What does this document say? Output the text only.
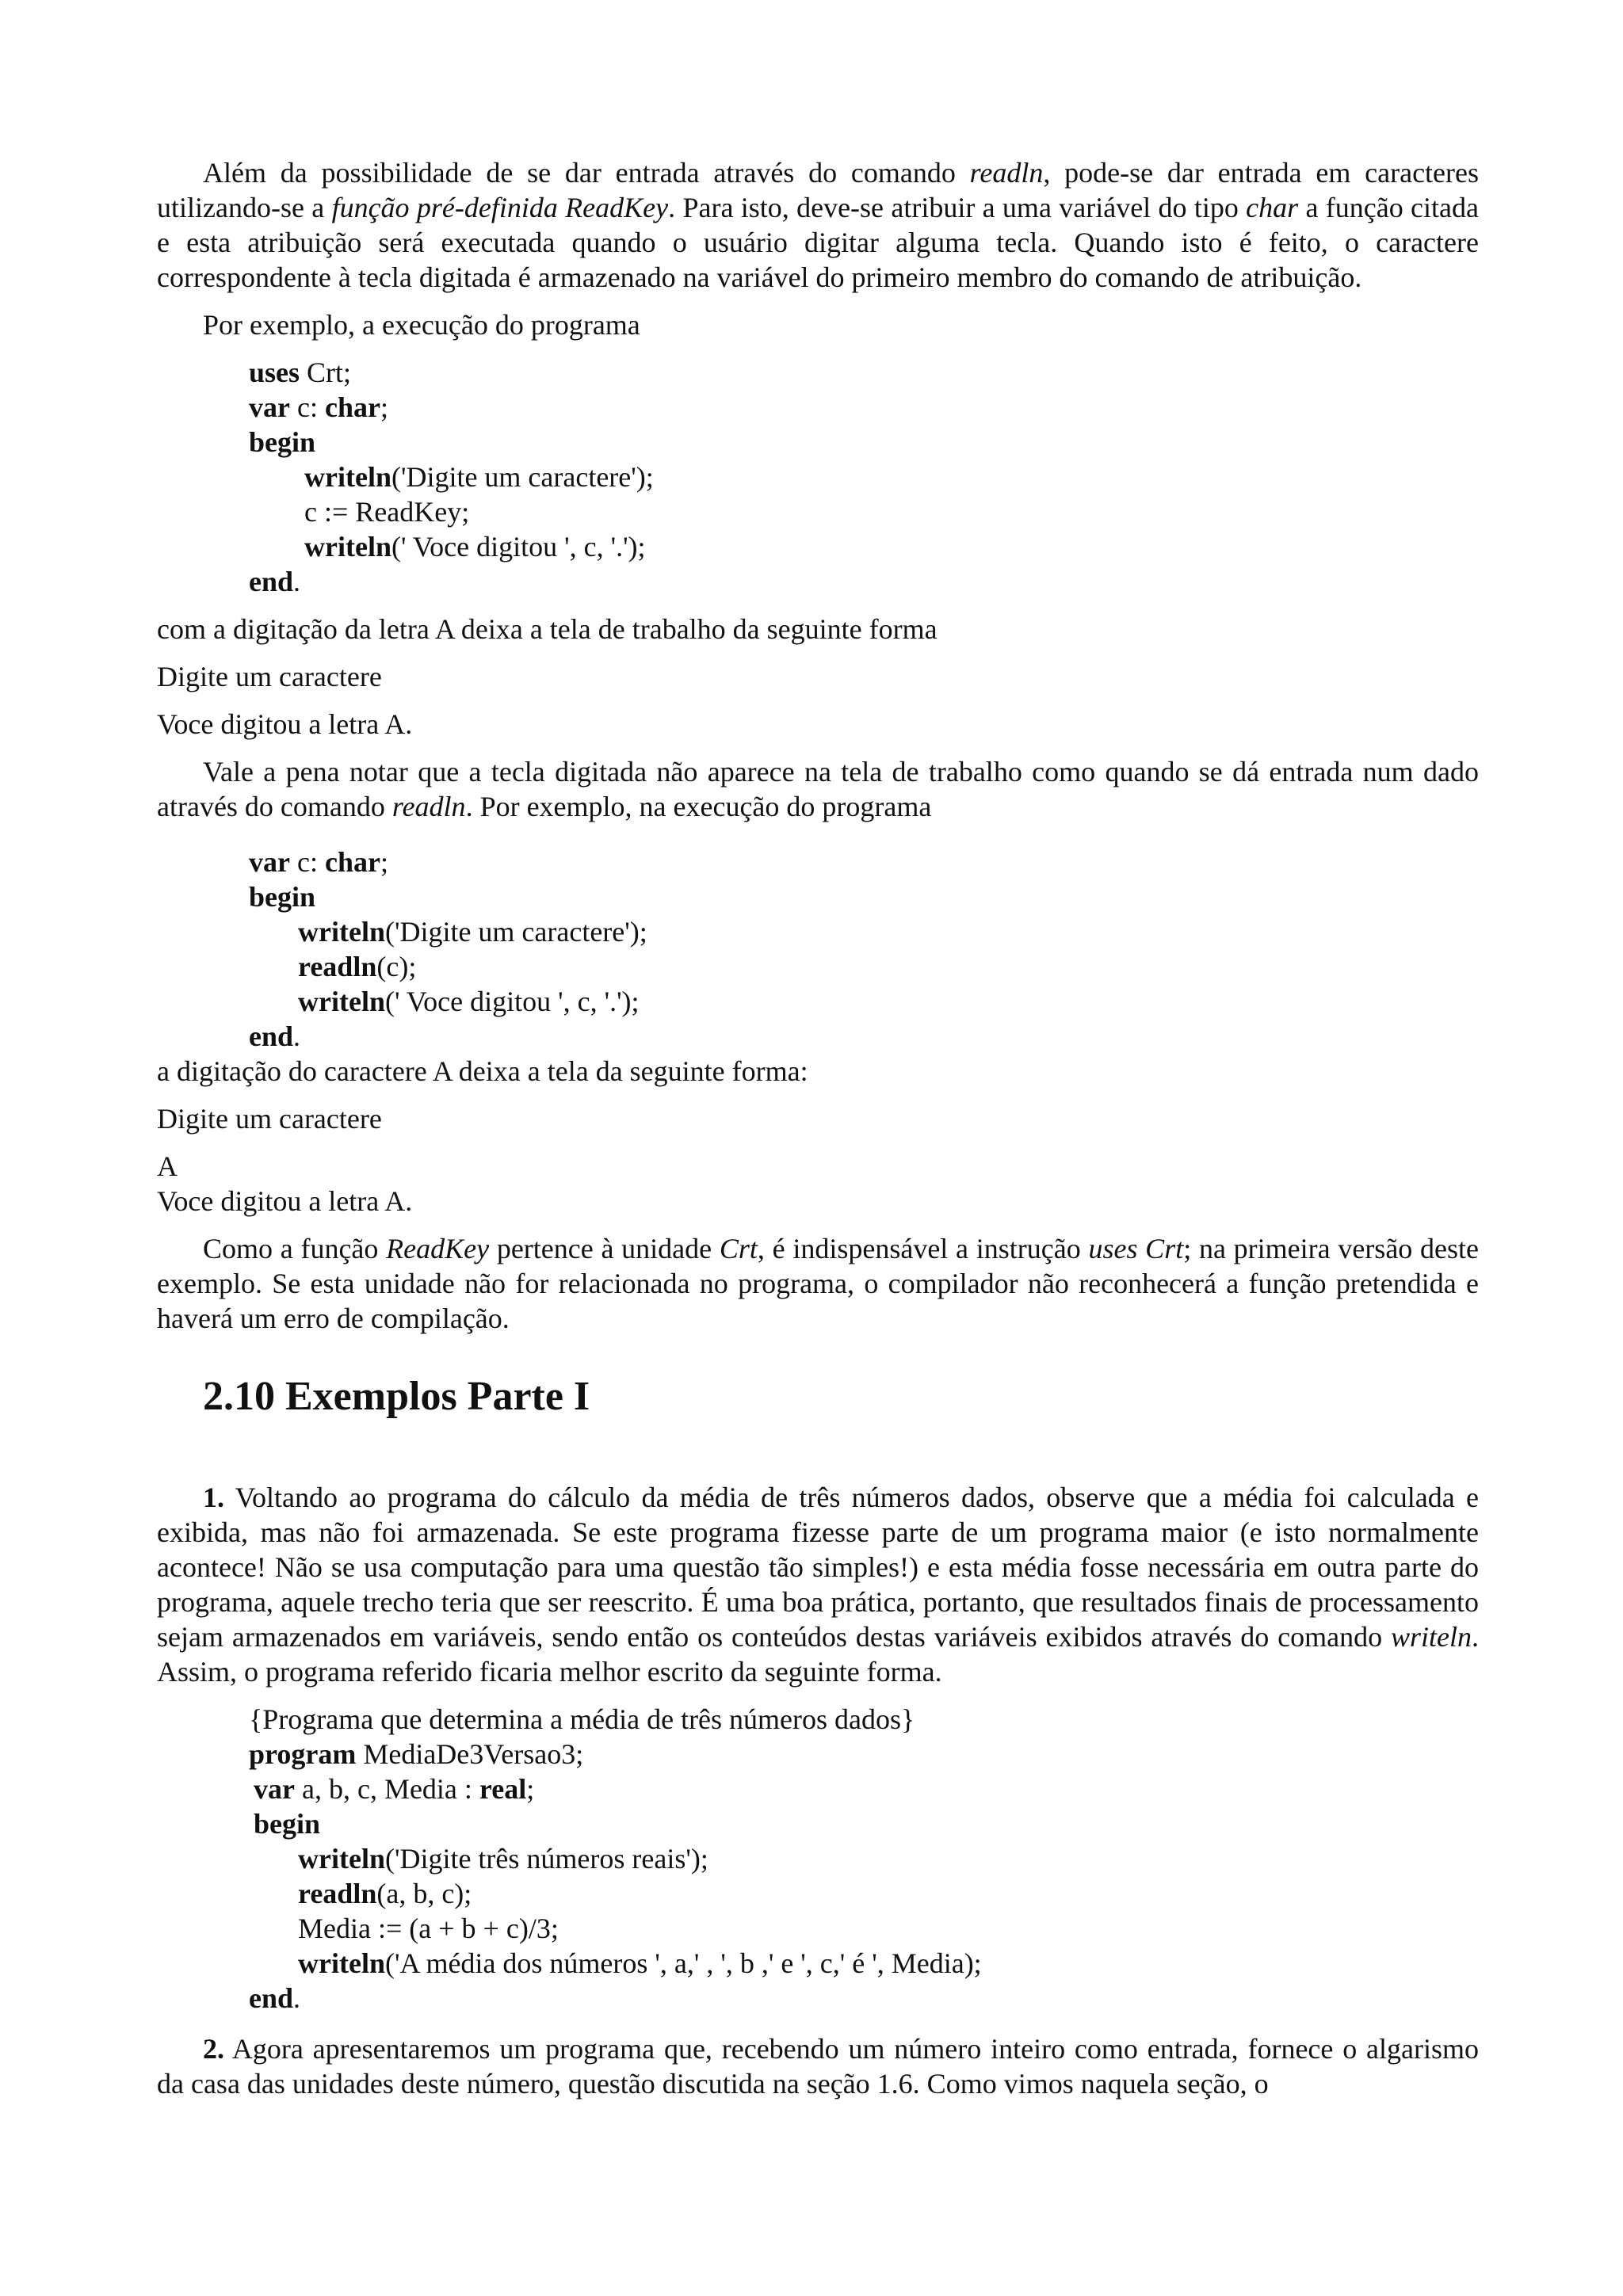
Além da possibilidade de se dar entrada através do comando readln, pode-se dar entrada em caracteres utilizando-se a função pré-definida ReadKey. Para isto, deve-se atribuir a uma variável do tipo char a função citada e esta atribuição será executada quando o usuário digitar alguma tecla. Quando isto é feito, o caractere correspondente à tecla digitada é armazenado na variável do primeiro membro do comando de atribuição.

Por exemplo, a execução do programa

uses Crt;
var c: char;
begin
writeln('Digite um caractere');
c := ReadKey;
writeln(' Voce digitou ', c, '.');
end.

com a digitação da letra A deixa a tela de trabalho da seguinte forma

Digite um caractere

Voce digitou a letra A.

Vale a pena notar que a tecla digitada não aparece na tela de trabalho como quando se dá entrada num dado através do comando readln. Por exemplo, na execução do programa

var c: char;
begin
writeln('Digite um caractere');
readln(c);
writeln(' Voce digitou ', c, '.');
end.

a digitação do caractere A deixa a tela da seguinte forma:

Digite um caractere

A

Voce digitou a letra A.

Como a função ReadKey pertence à unidade Crt, é indispensável a instrução uses Crt; na primeira versão deste exemplo. Se esta unidade não for relacionada no programa, o compilador não reconhecerá a função pretendida e haverá um erro de compilação.

2.10 Exemplos Parte I

1. Voltando ao programa do cálculo da média de três números dados, observe que a média foi calculada e exibida, mas não foi armazenada. Se este programa fizesse parte de um programa maior (e isto normalmente acontece! Não se usa computação para uma questão tão simples!) e esta média fosse necessária em outra parte do programa, aquele trecho teria que ser reescrito. É uma boa prática, portanto, que resultados finais de processamento sejam armazenados em variáveis, sendo então os conteúdos destas variáveis exibidos através do comando writeln. Assim, o programa referido ficaria melhor escrito da seguinte forma.

{Programa que determina a média de três números dados}
program MediaDe3Versao3;
var a, b, c, Media : real;
begin
writeln('Digite três números reais');
readln(a, b, c);
Media := (a + b + c)/3;
writeln('A média dos números ', a,' , ', b ,' e ', c,' é ', Media);
end.

2. Agora apresentaremos um programa que, recebendo um número inteiro como entrada, fornece o algarismo da casa das unidades deste número, questão discutida na seção 1.6. Como vimos naquela seção, o
